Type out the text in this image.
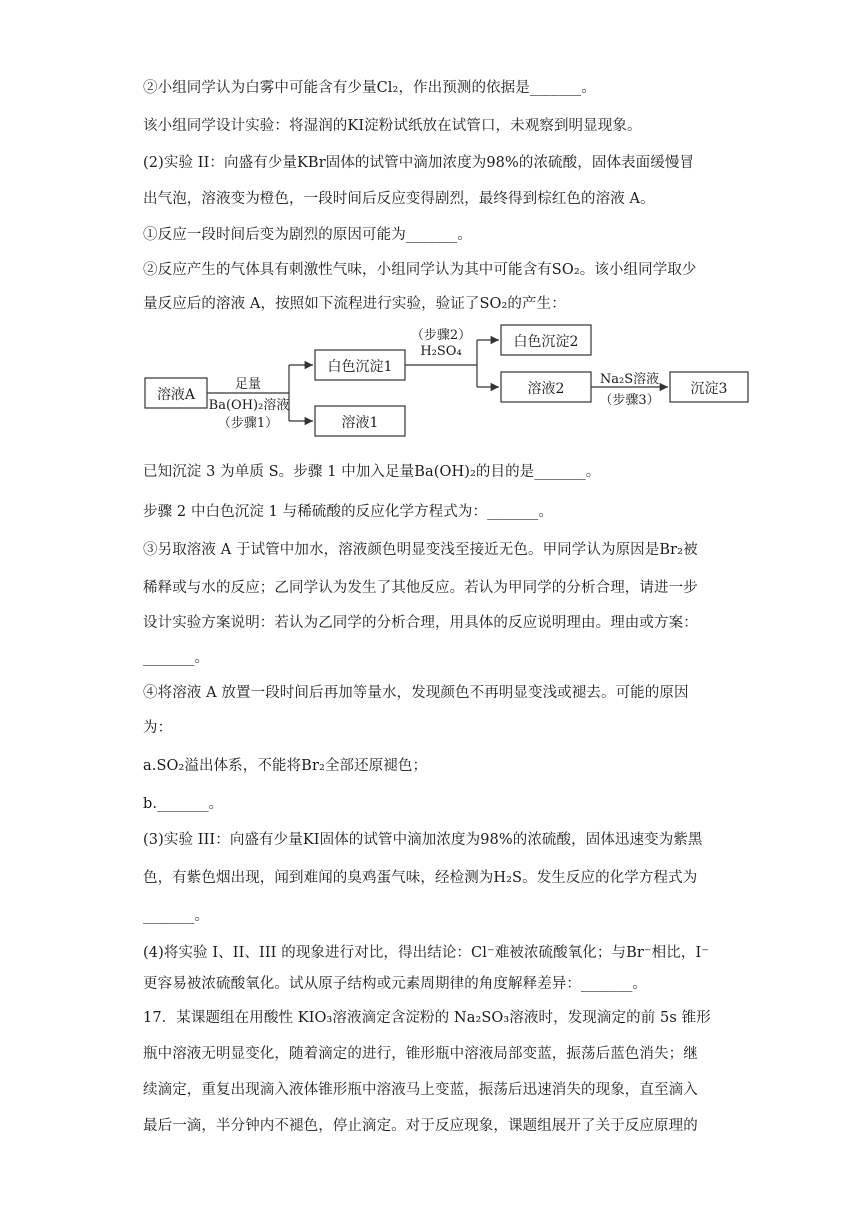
②小组同学认为白雾中可能含有少量Cl₂，作出预测的依据是_______。
该小组同学设计实验：将湿润的KI淀粉试纸放在试管口，未观察到明显现象。
(2)实验 II：向盛有少量KBr固体的试管中滴加浓度为98%的浓硫酸，固体表面缓慢冒
出气泡，溶液变为橙色，一段时间后反应变得剧烈，最终得到棕红色的溶液 A。
①反应一段时间后变为剧烈的原因可能为_______。
②反应产生的气体具有刺激性气味，小组同学认为其中可能含有SO₂。该小组同学取少
量反应后的溶液 A，按照如下流程进行实验，验证了SO₂的产生：
溶液A
白色沉淀1
溶液1
白色沉淀2
溶液2	沉淀3
足量
Ba(OH)₂溶液
（步骤1）
（步骤2）
H₂SO₄
Na₂S溶液
（步骤3）
已知沉淀 3 为单质 S。步骤 1 中加入足量Ba(OH)₂的目的是_______。
步骤 2 中白色沉淀 1 与稀硫酸的反应化学方程式为：_______。
③另取溶液 A 于试管中加水，溶液颜色明显变浅至接近无色。甲同学认为原因是Br₂被
稀释或与水的反应；乙同学认为发生了其他反应。若认为甲同学的分析合理，请进一步
设计实验方案说明：若认为乙同学的分析合理，用具体的反应说明理由。理由或方案：
_______。
④将溶液 A 放置一段时间后再加等量水，发现颜色不再明显变浅或褪去。可能的原因
为：
a.SO₂溢出体系，不能将Br₂全部还原褪色；
b._______。
(3)实验 III：向盛有少量KI固体的试管中滴加浓度为98%的浓硫酸，固体迅速变为紫黑
色，有紫色烟出现，闻到难闻的臭鸡蛋气味，经检测为H₂S。发生反应的化学方程式为
_______。
(4)将实验 I、II、III 的现象进行对比，得出结论：Cl⁻难被浓硫酸氧化；与Br⁻相比，I⁻
更容易被浓硫酸氧化。试从原子结构或元素周期律的角度解释差异：_______。
17．某课题组在用酸性 KIO₃溶液滴定含淀粉的 Na₂SO₃溶液时，发现滴定的前 5s 锥形
瓶中溶液无明显变化，随着滴定的进行，锥形瓶中溶液局部变蓝，振荡后蓝色消失；继
续滴定，重复出现滴入液体锥形瓶中溶液马上变蓝，振荡后迅速消失的现象，直至滴入
最后一滴，半分钟内不褪色，停止滴定。对于反应现象，课题组展开了关于反应原理的
